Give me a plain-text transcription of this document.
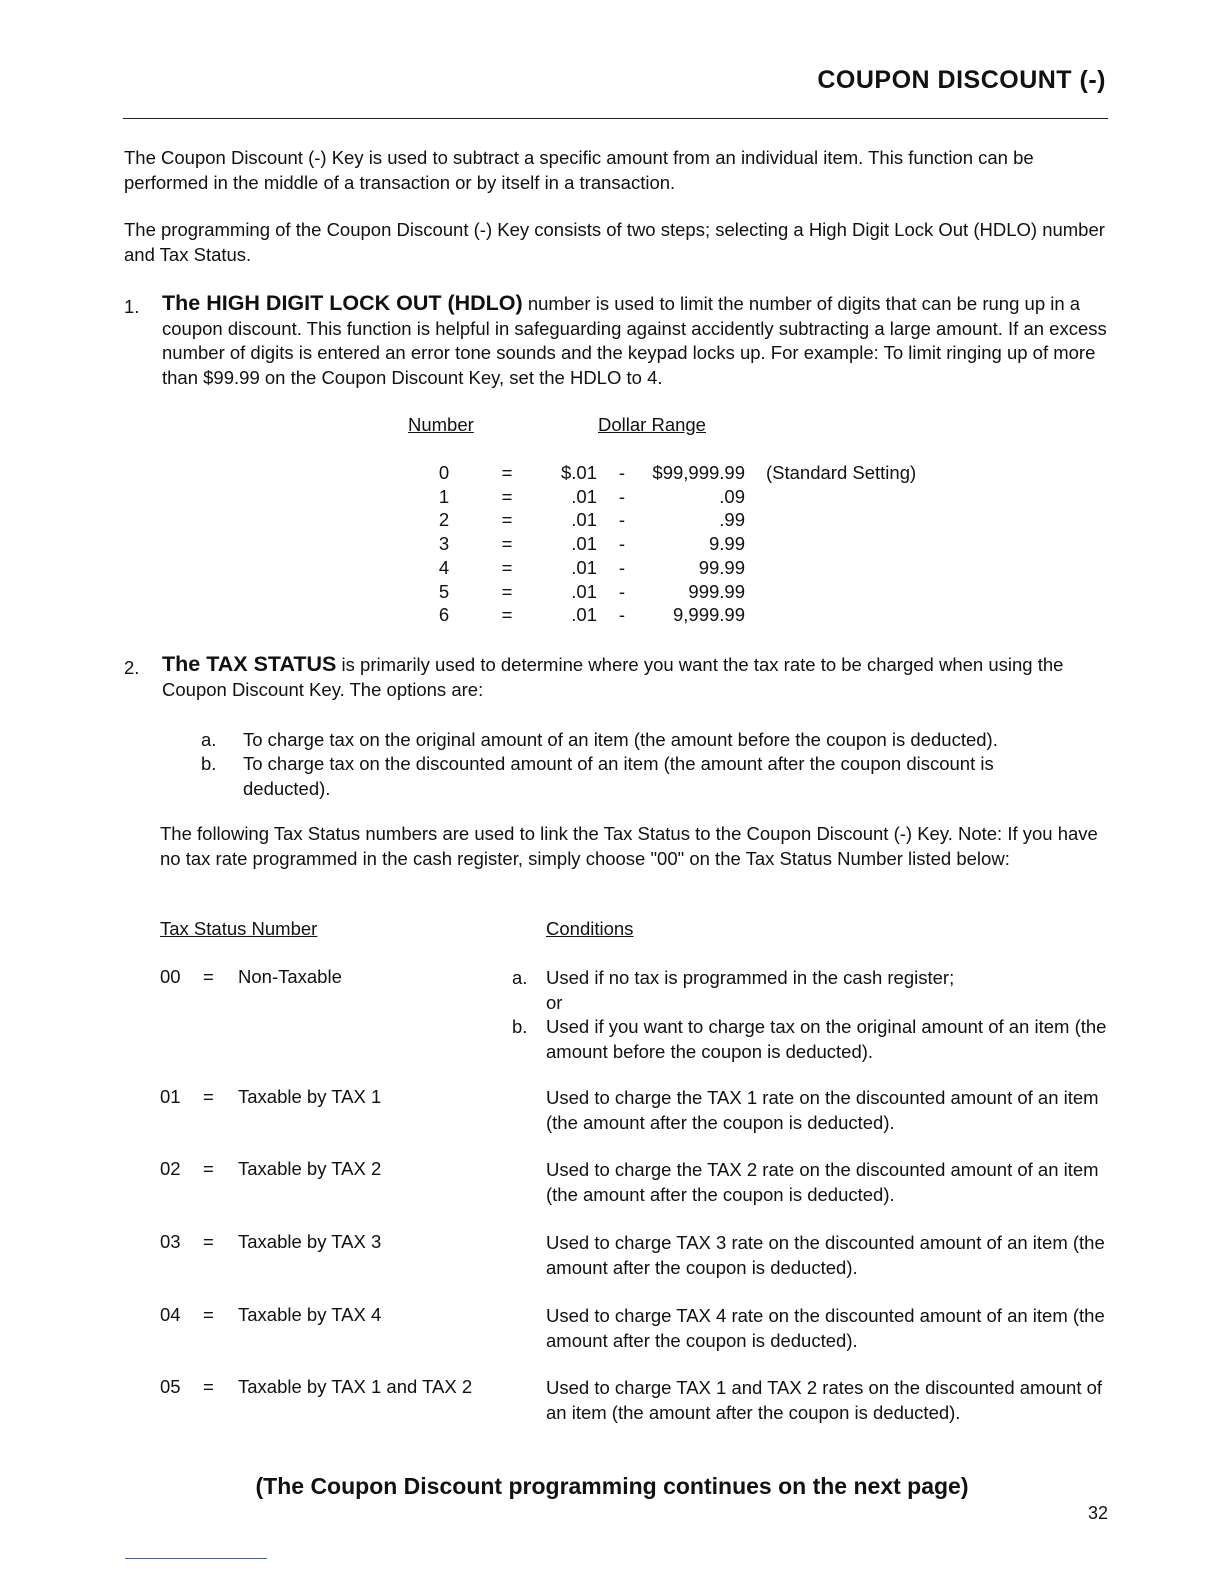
COUPON DISCOUNT (-)
The Coupon Discount (-) Key is used to subtract a specific amount from an individual item. This function can be performed in the middle of a transaction or by itself in a transaction.
The programming of the Coupon Discount (-) Key consists of two steps; selecting a High Digit Lock Out (HDLO) number and Tax Status.
1. The HIGH DIGIT LOCK OUT (HDLO) number is used to limit the number of digits that can be rung up in a coupon discount. This function is helpful in safeguarding against accidently subtracting a large amount. If an excess number of digits is entered an error tone sounds and the keypad locks up. For example: To limit ringing up of more than $99.99 on the Coupon Discount Key, set the HDLO to 4.
Number	Dollar Range
0	=	$.01 -	$99,999.99 (Standard Setting)
1	=	.01 -	.09
2	=	.01 -	.99
3	=	.01 -	9.99
4	=	.01 -	99.99
5	=	.01 -	999.99
6	=	.01 -	9,999.99
2. The TAX STATUS is primarily used to determine where you want the tax rate to be charged when using the Coupon Discount Key. The options are:
a. To charge tax on the original amount of an item (the amount before the coupon is deducted).
b. To charge tax on the discounted amount of an item (the amount after the coupon discount is deducted).
The following Tax Status numbers are used to link the Tax Status to the Coupon Discount (-) Key. Note: If you have no tax rate programmed in the cash register, simply choose "00" on the Tax Status Number listed below:
Tax Status Number	Conditions
00 = Non-Taxable	a. Used if no tax is programmed in the cash register;
or
b. Used if you want to charge tax on the original amount of an item (the amount before the coupon is deducted).
01 = Taxable by TAX 1	Used to charge the TAX 1 rate on the discounted amount of an item (the amount after the coupon is deducted).
02 = Taxable by TAX 2	Used to charge the TAX 2 rate on the discounted amount of an item (the amount after the coupon is deducted).
03 = Taxable by TAX 3	Used to charge TAX 3 rate on the discounted amount of an item (the amount after the coupon is deducted).
04 = Taxable by TAX 4	Used to charge TAX 4 rate on the discounted amount of an item (the amount after the coupon is deducted).
05 = Taxable by TAX 1 and TAX 2	Used to charge TAX 1 and TAX 2 rates on the discounted amount of an item (the amount after the coupon is deducted).
(The Coupon Discount programming continues on the next page)
32
